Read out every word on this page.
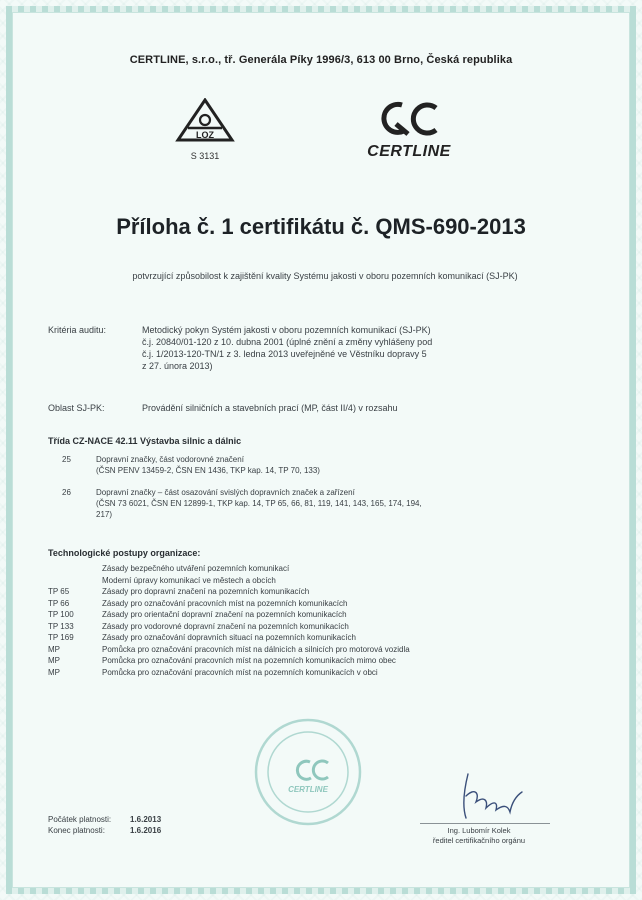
CERTLINE, s.r.o., tř. Generála Píky 1996/3, 613 00 Brno, Česká republika
LOZ
S 3131	CERTLINE
Příloha č. 1 certifikátu č. QMS-690-2013
potvrzující způsobilost k zajištění kvality Systému jakosti v oboru pozemních komunikací (SJ-PK)
Kritéria auditu:	Metodický pokyn Systém jakosti v oboru pozemních komunikací (SJ-PK)
č.j. 20840/01-120 z 10. dubna 2001 (úplné znění a změny vyhlášeny pod
č.j. 1/2013-120-TN/1 z 3. ledna 2013 uveřejněné ve Věstníku dopravy 5
z 27. února 2013)
Oblast SJ-PK:	Provádění silničních a stavebních prací (MP, část II/4) v rozsahu
Třída CZ-NACE 42.11 Výstavba silnic a dálnic
25	Dopravní značky, část vodorovné značení
(ČSN PENV 13459-2, ČSN EN 1436, TKP kap. 14, TP 70, 133)
26	Dopravní značky – část osazování svislých dopravních značek a zařízení
(ČSN 73 6021, ČSN EN 12899-1, TKP kap. 14, TP 65, 66, 81, 119, 141, 143, 165, 174, 194,
217)
Technologické postupy organizace:
Zásady bezpečného utváření pozemních komunikací
Moderní úpravy komunikací ve městech a obcích
TP 65	Zásady pro dopravní značení na pozemních komunikacích
TP 66	Zásady pro označování pracovních míst na pozemních komunikacích
TP 100	Zásady pro orientační dopravní značení na pozemních komunikacích
TP 133	Zásady pro vodorovné dopravní značení na pozemních komunikacích
TP 169	Zásady pro označování dopravních situací na pozemních komunikacích
MP	Pomůcka pro označování pracovních míst na dálnicích a silnicích pro motorová vozidla
MP	Pomůcka pro označování pracovních míst na pozemních komunikacích mimo obec
MP	Pomůcka pro označování pracovních míst na pozemních komunikacích v obci
CERTLINE
Počátek platnosti:	1.6.2013
Konec platnosti:	1.6.2016	Ing. Lubomír Kolek
ředitel certifikačního orgánu
